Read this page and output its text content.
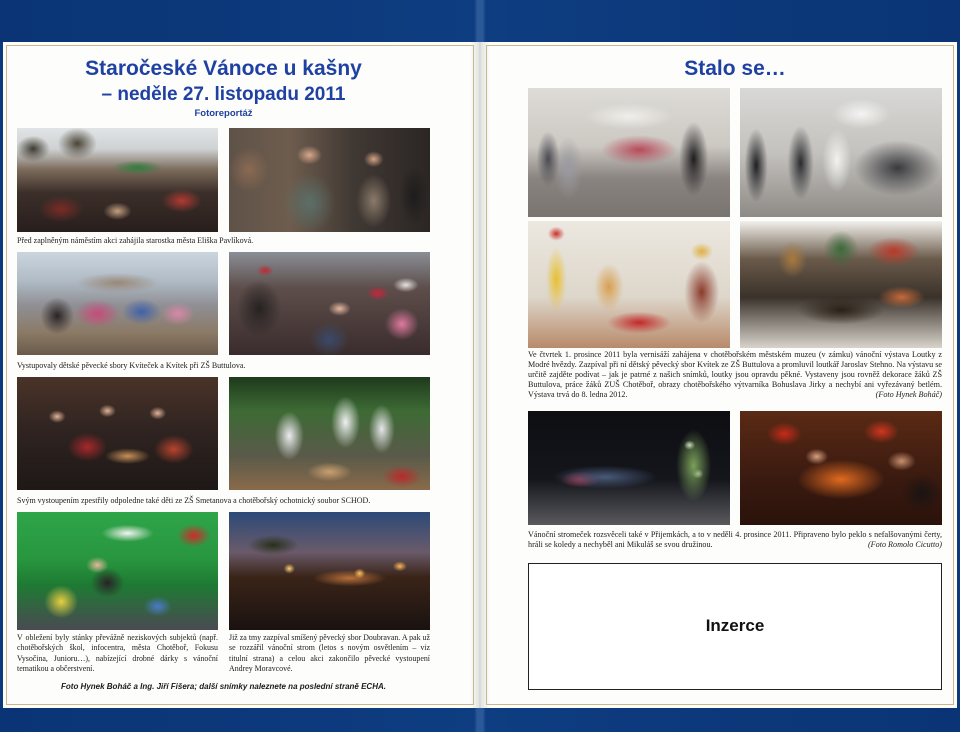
Staročeské Vánoce u kašny
– neděle 27. listopadu 2011
Fotoreportáž
Před zaplněným náměstím akci zahájila starostka města Eliška Pavlíková.
Vystupovaly dětské pěvecké sbory Kvíteček a Kvítek při ZŠ Buttulova.
Svým vystoupením zpestřily odpoledne také děti ze ZŠ Smetanova a chotěbořský ochotnický soubor SCHOD.
V obležení byly stánky převážně neziskových subjektů (např. chotěbořských škol, infocentra, města Chotěboř, Fokusu Vysočina, Junioru…), nabízející drobné dárky s vánoční tematikou a občerstvení.
Již za tmy zazpíval smíšený pěvecký sbor Doubravan. A pak už se rozzářil vánoční strom (letos s novým osvětlením – viz titulní strana) a celou akci zakončilo pěvecké vystoupení Andrey Moravcové.
Foto Hynek Boháč a Ing. Jiří Fišera; další snímky naleznete na poslední straně ECHA.
Stalo se…

Ve čtvrtek 1. prosince 2011 byla vernisáží zahájena v chotěbořském městském muzeu (v zámku) vánoční výstava Loutky z Modré hvězdy. Zazpíval při ní dětský pěvecký sbor Kvítek ze ZŠ Buttulova a promluvil loutkář Jaroslav Stehno. Na výstavu se určitě zajděte podívat – jak je patrné z našich snímků, loutky jsou opravdu pěkné. Vystaveny jsou rovněž dekorace žáků ZŠ Buttulova, práce žáků ZUŠ Chotěboř, obrazy chotěbořského výtvarníka Bohuslava Jirky a nechybí ani vyřezávaný betlém. Výstava trvá do 8. ledna 2012.	(Foto Hynek Boháč)

Vánoční stromeček rozsvěceli také v Přijemkách, a to v neděli 4. prosince 2011. Připraveno bylo peklo s nefalšovanými čerty, hráli se koledy a nechyběl ani Mikuláš se svou družinou.	(Foto Romolo Cicutto)

Inzerce
